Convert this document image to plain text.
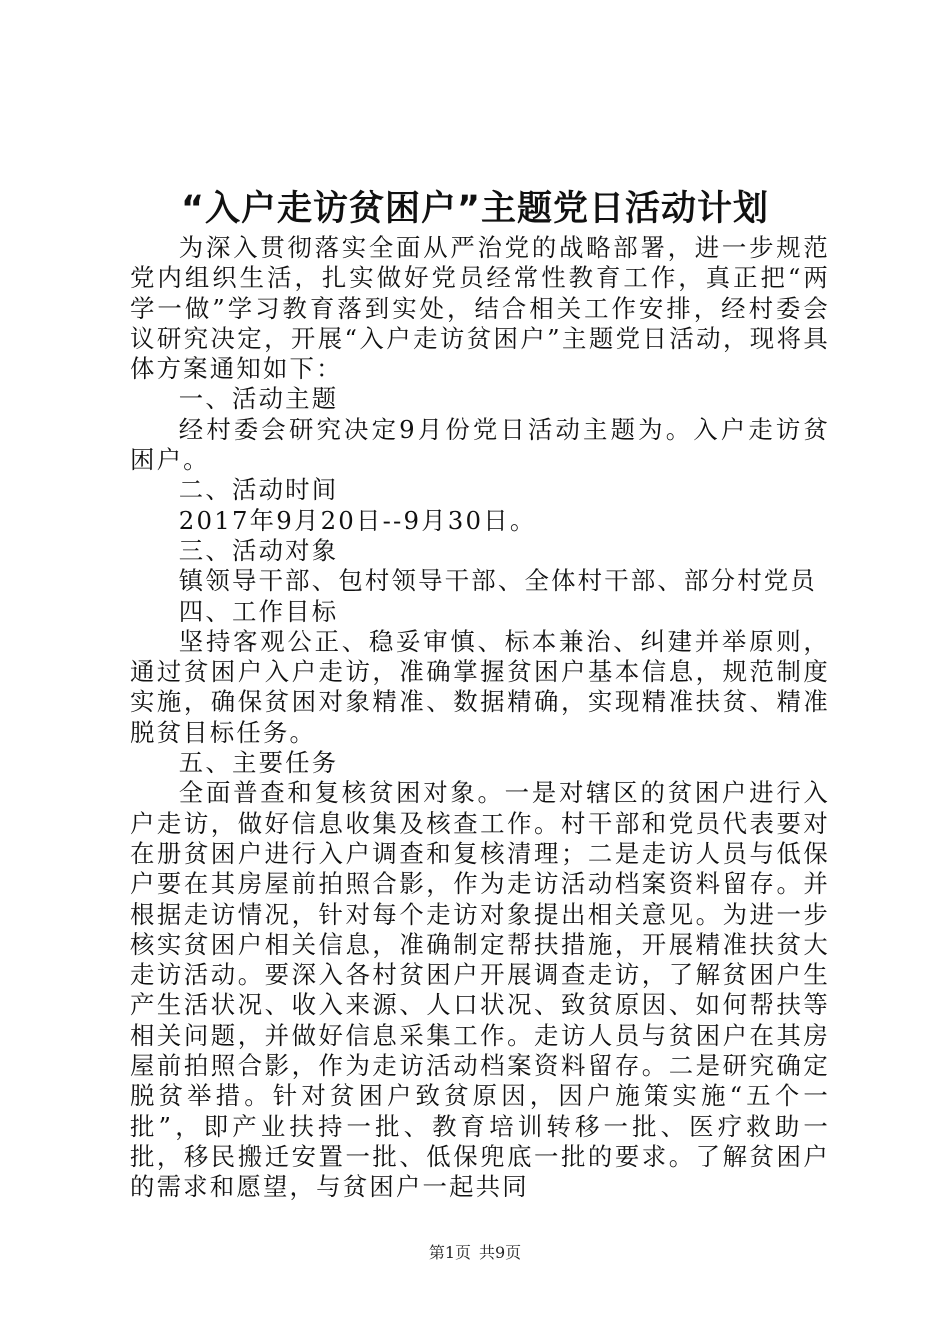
“入户走访贫困户”主题党日活动计划

为深入贯彻落实全面从严治党的战略部署，进一步规范党内组织生活，扎实做好党员经常性教育工作，真正把“两学一做”学习教育落到实处，结合相关工作安排，经村委会议研究决定，开展“入户走访贫困户”主题党日活动，现将具体方案通知如下：

一、活动主题

经村委会研究决定9月份党日活动主题为。入户走访贫困户。

二、活动时间

2017年9月20日--9月30日。

三、活动对象

镇领导干部、包村领导干部、全体村干部、部分村党员

四、工作目标

坚持客观公正、稳妥审慎、标本兼治、纠建并举原则，通过贫困户入户走访，准确掌握贫困户基本信息，规范制度实施，确保贫困对象精准、数据精确，实现精准扶贫、精准脱贫目标任务。

五、主要任务

全面普查和复核贫困对象。一是对辖区的贫困户进行入户走访，做好信息收集及核查工作。村干部和党员代表要对在册贫困户进行入户调查和复核清理；二是走访人员与低保户要在其房屋前拍照合影，作为走访活动档案资料留存。并根据走访情况，针对每个走访对象提出相关意见。为进一步核实贫困户相关信息，准确制定帮扶措施，开展精准扶贫大走访活动。要深入各村贫困户开展调查走访，了解贫困户生产生活状况、收入来源、人口状况、致贫原因、如何帮扶等相关问题，并做好信息采集工作。走访人员与贫困户在其房屋前拍照合影，作为走访活动档案资料留存。二是研究确定脱贫举措。针对贫困户致贫原因，因户施策实施“五个一批”，即产业扶持一批、教育培训转移一批、医疗救助一批，移民搬迁安置一批、低保兜底一批的要求。了解贫困户的需求和愿望，与贫困户一起共同

第1页 共9页
